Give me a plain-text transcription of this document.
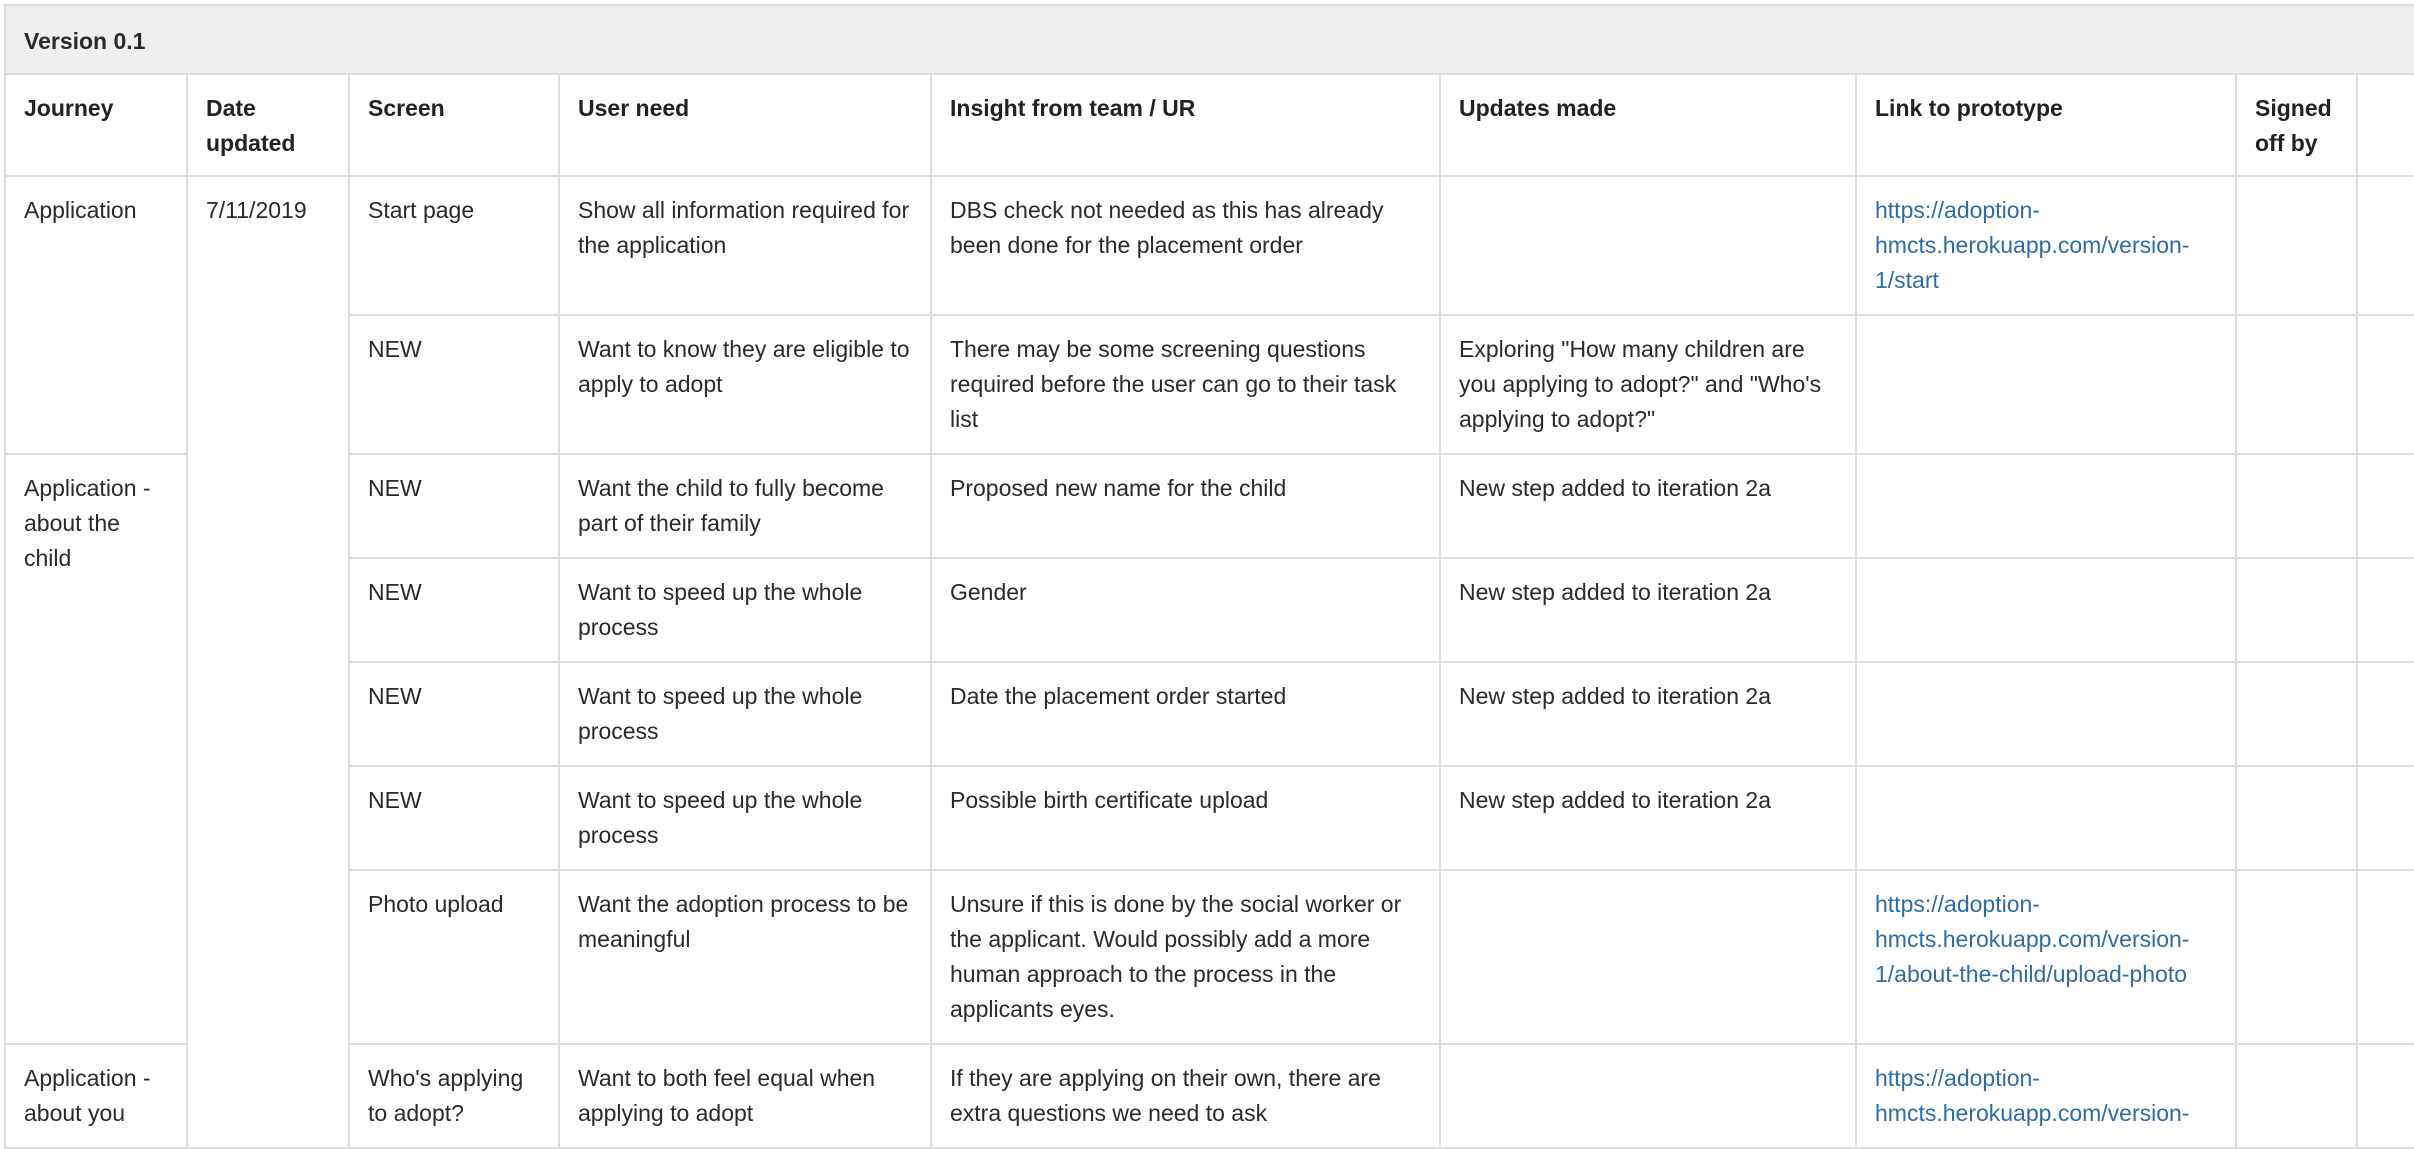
Version 0.1								
Journey	Date updated	Screen	User need	Insight from team / UR	Updates made	Link to prototype	Signed off by	
Application	7/11/2019	Start page	Show all information required for the application	DBS check not needed as this has already been done for the placement order		https://adoption-hmcts.herokuapp.com/version-1/start		
		NEW	Want to know they are eligible to apply to adopt	There may be some screening questions required before the user can go to their task list	Exploring "How many children are you applying to adopt?" and "Who's applying to adopt?"			
Application - about the child		NEW	Want the child to fully become part of their family	Proposed new name for the child	New step added to iteration 2a			
		NEW	Want to speed up the whole process	Gender	New step added to iteration 2a			
		NEW	Want to speed up the whole process	Date the placement order started	New step added to iteration 2a			
		NEW	Want to speed up the whole process	Possible birth certificate upload	New step added to iteration 2a			
		Photo upload	Want the adoption process to be meaningful	Unsure if this is done by the social worker or the applicant. Would possibly add a more human approach to the process in the applicants eyes.		https://adoption-hmcts.herokuapp.com/version-1/about-the-child/upload-photo		
Application - about you		Who's applying to adopt?	Want to both feel equal when applying to adopt	If they are applying on their own, there are extra questions we need to ask		https://adoption-hmcts.herokuapp.com/version-		
